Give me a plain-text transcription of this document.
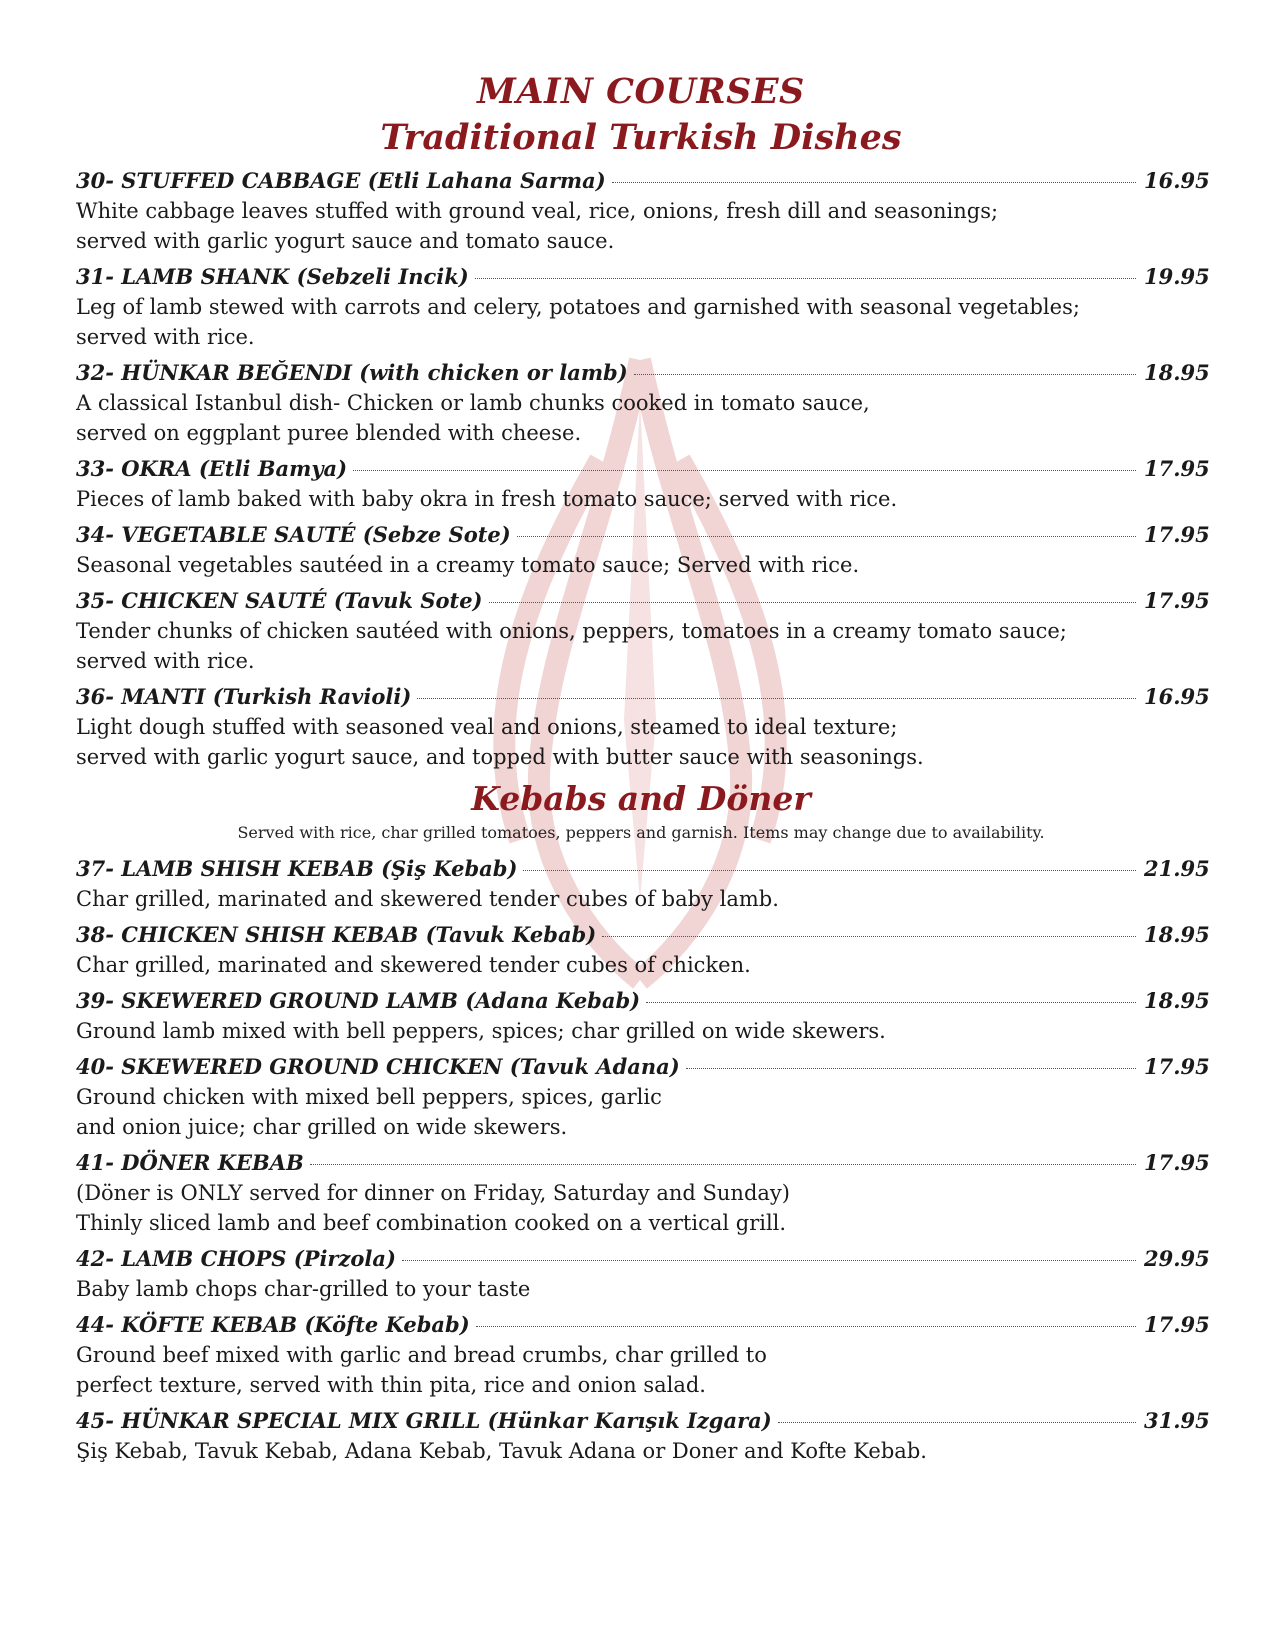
MAIN COURSES
Traditional Turkish Dishes
30- STUFFED CABBAGE (Etli Lahana Sarma)	16.95
White cabbage leaves stuffed with ground veal, rice, onions, fresh dill and seasonings;
served with garlic yogurt sauce and tomato sauce.
31- LAMB SHANK (Sebzeli Incik)	19.95
Leg of lamb stewed with carrots and celery, potatoes and garnished with seasonal vegetables;
served with rice.
32- HÜNKAR BEĞENDI (with chicken or lamb)	18.95
A classical Istanbul dish- Chicken or lamb chunks cooked in tomato sauce,
served on eggplant puree blended with cheese.
33- OKRA (Etli Bamya)	17.95
Pieces of lamb baked with baby okra in fresh tomato sauce; served with rice.
34- VEGETABLE SAUTÉ (Sebze Sote)	17.95
Seasonal vegetables sautéed in a creamy tomato sauce; Served with rice.
35- CHICKEN SAUTÉ (Tavuk Sote)	17.95
Tender chunks of chicken sautéed with onions, peppers, tomatoes in a creamy tomato sauce;
served with rice.
36- MANTI (Turkish Ravioli)	16.95
Light dough stuffed with seasoned veal and onions, steamed to ideal texture;
served with garlic yogurt sauce, and topped with butter sauce with seasonings.
Kebabs and Döner

Served with rice, char grilled tomatoes, peppers and garnish. Items may change due to availability.

37- LAMB SHISH KEBAB (Şiş Kebab)	21.95
Char grilled, marinated and skewered tender cubes of baby lamb.
38- CHICKEN SHISH KEBAB (Tavuk Kebab)	18.95
Char grilled, marinated and skewered tender cubes of chicken.
39- SKEWERED GROUND LAMB (Adana Kebab)	18.95
Ground lamb mixed with bell peppers, spices; char grilled on wide skewers.
40- SKEWERED GROUND CHICKEN (Tavuk Adana)	17.95
Ground chicken with mixed bell peppers, spices, garlic
and onion juice; char grilled on wide skewers.
41- DÖNER KEBAB	17.95
(Döner is ONLY served for dinner on Friday, Saturday and Sunday)
Thinly sliced lamb and beef combination cooked on a vertical grill.
42- LAMB CHOPS (Pirzola)	29.95
Baby lamb chops char-grilled to your taste
44- KÖFTE KEBAB (Köfte Kebab)	17.95
Ground beef mixed with garlic and bread crumbs, char grilled to
perfect texture, served with thin pita, rice and onion salad.
45- HÜNKAR SPECIAL MIX GRILL (Hünkar Karışık Izgara)	31.95
Şiş Kebab, Tavuk Kebab, Adana Kebab, Tavuk Adana or Doner and Kofte Kebab.
